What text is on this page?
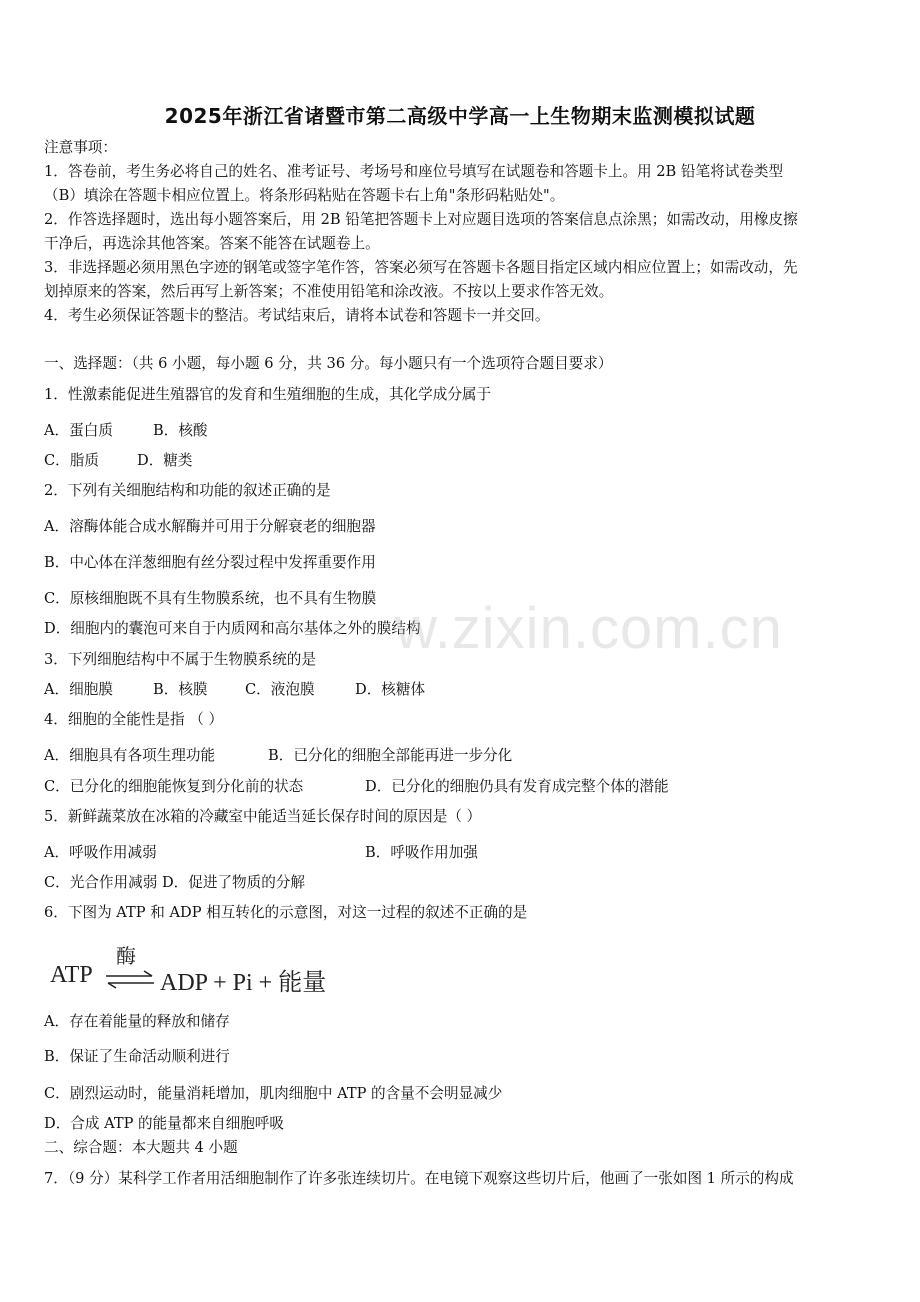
2025年浙江省诸暨市第二高级中学高一上生物期末监测模拟试题
注意事项：
1．答卷前，考生务必将自己的姓名、准考证号、考场号和座位号填写在试题卷和答题卡上。用 2B 铅笔将试卷类型
（B）填涂在答题卡相应位置上。将条形码粘贴在答题卡右上角"条形码粘贴处"。
2．作答选择题时，选出每小题答案后，用 2B 铅笔把答题卡上对应题目选项的答案信息点涂黑；如需改动，用橡皮擦
干净后，再选涂其他答案。答案不能答在试题卷上。
3．非选择题必须用黑色字迹的钢笔或签字笔作答，答案必须写在答题卡各题目指定区域内相应位置上；如需改动，先
划掉原来的答案，然后再写上新答案；不准使用铅笔和涂改液。不按以上要求作答无效。
4．考生必须保证答题卡的整洁。考试结束后，请将本试卷和答题卡一并交回。
一、选择题：（共 6 小题，每小题 6 分，共 36 分。每小题只有一个选项符合题目要求）
1．性激素能促进生殖器官的发育和生殖细胞的生成，其化学成分属于
A．蛋白质	B．核酸
C．脂质	D．糖类
2．下列有关细胞结构和功能的叙述正确的是
A．溶酶体能合成水解酶并可用于分解衰老的细胞器
B．中心体在洋葱细胞有丝分裂过程中发挥重要作用
C．原核细胞既不具有生物膜系统，也不具有生物膜
D．细胞内的囊泡可来自于内质网和高尔基体之外的膜结构
3．下列细胞结构中不属于生物膜系统的是
A．细胞膜	B．核膜	C．液泡膜	D．核糖体
4．细胞的全能性是指 （ ）
A．细胞具有各项生理功能	B．已分化的细胞全部能再进一步分化
C．已分化的细胞能恢复到分化前的状态	D．已分化的细胞仍具有发育成完整个体的潜能
5．新鲜蔬菜放在冰箱的冷藏室中能适当延长保存时间的原因是（ ）
A．呼吸作用减弱	B．呼吸作用加强
C．光合作用减弱 D．促进了物质的分解
6．下图为 ATP 和 ADP 相互转化的示意图，对这一过程的叙述不正确的是
ATP
酶
⇌ ADP + Pi + 能量
A．存在着能量的释放和储存
B．保证了生命活动顺利进行
C．剧烈运动时，能量消耗增加，肌肉细胞中 ATP 的含量不会明显减少
D．合成 ATP 的能量都来自细胞呼吸
二、综合题：本大题共 4 小题
7．（9 分）某科学工作者用活细胞制作了许多张连续切片。在电镜下观察这些切片后，他画了一张如图 1 所示的构成
w.zixin.com.cn
